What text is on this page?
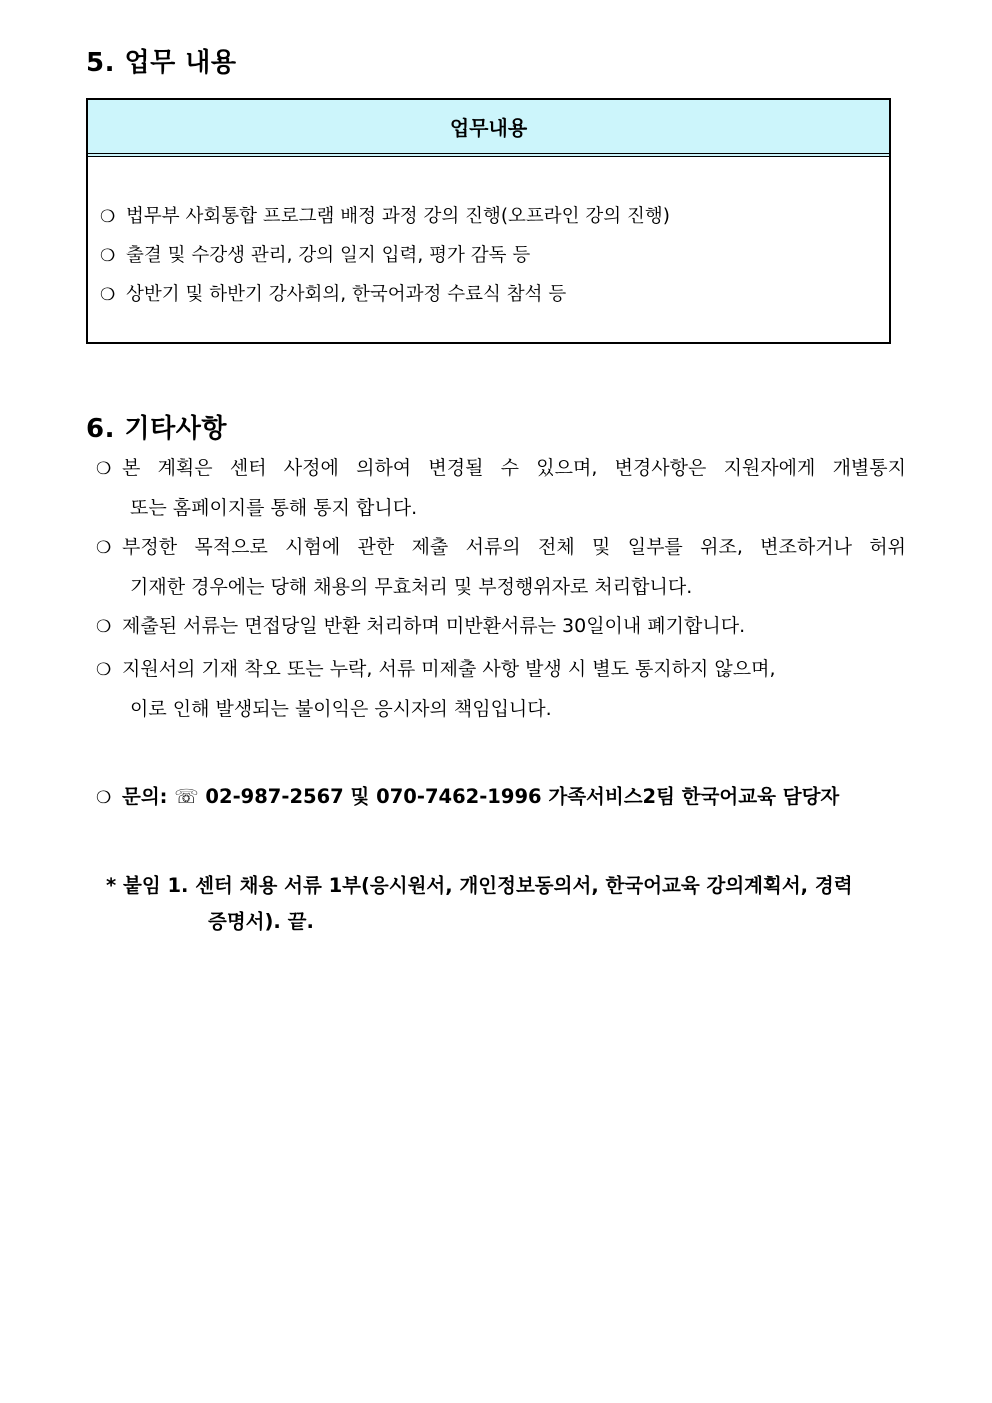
5. 업무 내용
업무내용
❍ 법무부 사회통합 프로그램 배정 과정 강의 진행(오프라인 강의 진행)
❍ 출결 및 수강생 관리, 강의 일지 입력, 평가 감독 등
❍ 상반기 및 하반기 강사회의, 한국어과정 수료식 참석 등
6. 기타사항
❍ 본 계획은 센터 사정에 의하여 변경될 수 있으며, 변경사항은 지원자에게 개별통지
또는 홈페이지를 통해 통지 합니다.
❍ 부정한 목적으로 시험에 관한 제출 서류의 전체 및 일부를 위조, 변조하거나 허위
기재한 경우에는 당해 채용의 무효처리 및 부정행위자로 처리합니다.
❍ 제출된 서류는 면접당일 반환 처리하며 미반환서류는 30일이내 폐기합니다.
❍ 지원서의 기재 착오 또는 누락, 서류 미제출 사항 발생 시 별도 통지하지 않으며,
이로 인해 발생되는 불이익은 응시자의 책임입니다.
❍ 문의: ☏ 02-987-2567 및 070-7462-1996 가족서비스2팀 한국어교육 담당자
* 붙임 1. 센터 채용 서류 1부(응시원서, 개인정보동의서, 한국어교육 강의계획서, 경력
증명서). 끝.
